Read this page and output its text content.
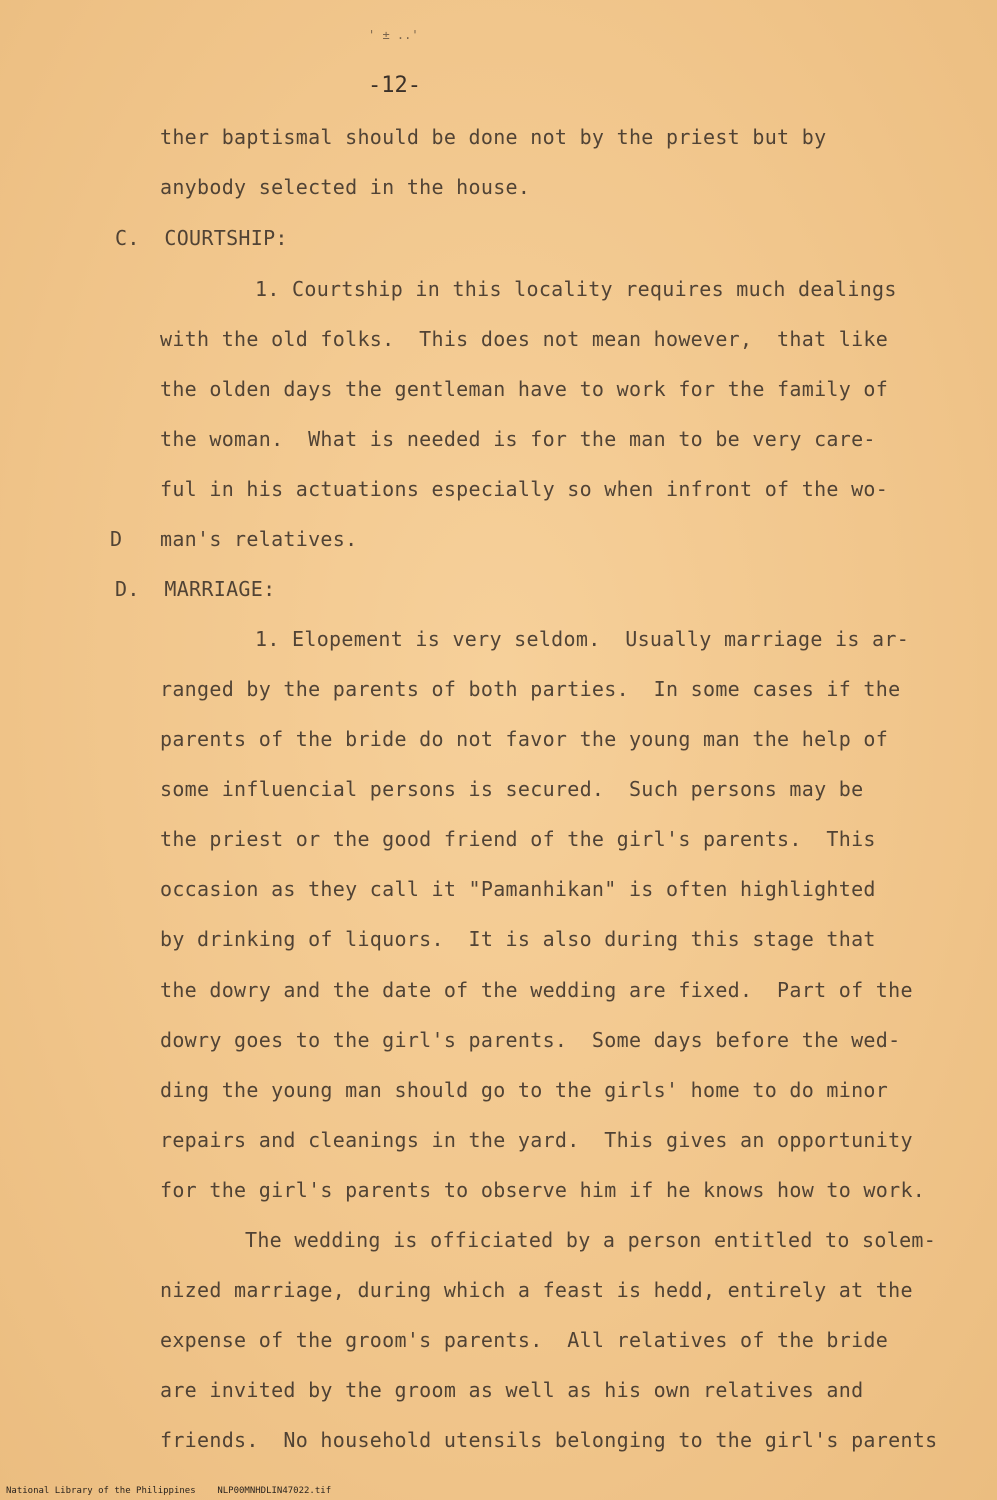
' ± ..'
-12-
ther baptismal should be done not by the priest but by
anybody selected in the house.
C.  COURTSHIP:
1. Courtship in this locality requires much dealings
with the old folks.  This does not mean however,  that like
the olden days the gentleman have to work for the family of
the woman.  What is needed is for the man to be very care-
ful in his actuations especially so when infront of the wo-
D man's relatives.
D.  MARRIAGE:
1. Elopement is very seldom.  Usually marriage is ar-
ranged by the parents of both parties.  In some cases if the
parents of the bride do not favor the young man the help of
some influencial persons is secured.  Such persons may be
the priest or the good friend of the girl's parents.  This
occasion as they call it "Pamanhikan" is often highlighted
by drinking of liquors.  It is also during this stage that
the dowry and the date of the wedding are fixed.  Part of the
dowry goes to the girl's parents.  Some days before the wed-
ding the young man should go to the girls' home to do minor
repairs and cleanings in the yard.  This gives an opportunity
for the girl's parents to observe him if he knows how to work.
The wedding is officiated by a person entitled to solem-
nized marriage, during which a feast is hedd, entirely at the
expense of the groom's parents.  All relatives of the bride
are invited by the groom as well as his own relatives and
friends.  No household utensils belonging to the girl's parents
National Library of the Philippines    NLP00MNHDLIN47022.tif
